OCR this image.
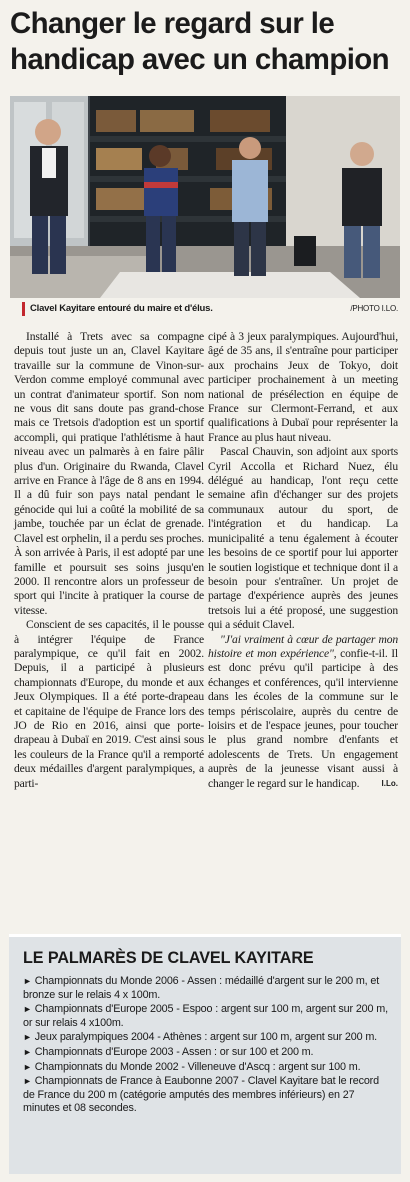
Changer le regard sur le
handicap avec un champion
Clavel Kayitare entouré du maire et d'élus.	/PHOTO I.LO.

Installé à Trets avec sa compagne depuis tout juste un an, Clavel Kayitare travaille sur la commune de Vinon-sur-Verdon comme employé communal avec un contrat d'animateur sportif. Son nom ne vous dit sans doute pas grand-chose mais ce Tretsois d'adoption est un sportif accompli, qui pratique l'athlétisme à haut niveau avec un palmarès à en faire pâlir plus d'un. Originaire du Rwanda, Clavel arrive en France à l'âge de 8 ans en 1994. Il a dû fuir son pays natal pendant le génocide qui lui a coûté la mobilité de sa jambe, touchée par un éclat de grenade. Clavel est orphelin, il a perdu ses proches. À son arrivée à Paris, il est adopté par une famille et poursuit ses soins jusqu'en 2000. Il rencontre alors un professeur de sport qui l'incite à pratiquer la course de vitesse.

Conscient de ses capacités, il le pousse à intégrer l'équipe de France paralympique, ce qu'il fait en 2002. Depuis, il a participé à plusieurs championnats d'Europe, du monde et aux Jeux Olympiques. Il a été porte-drapeau et capitaine de l'équipe de France lors des JO de Rio en 2016, ainsi que porte-drapeau à Dubaï en 2019. C'est ainsi sous les couleurs de la France qu'il a remporté deux médailles d'argent paralympiques, a parti-

cipé à 3 jeux paralympiques. Aujourd'hui, âgé de 35 ans, il s'entraîne pour participer aux prochains Jeux de Tokyo, doit participer prochainement à un meeting national de présélection en équipe de France sur Clermont-Ferrand, et aux qualifications à Dubaï pour représenter la France au plus haut niveau.

Pascal Chauvin, son adjoint aux sports Cyril Accolla et Richard Nuez, élu délégué au handicap, l'ont reçu cette semaine afin d'échanger sur des projets communaux autour du sport, de l'intégration et du handicap. La municipalité a tenu également à écouter les besoins de ce sportif pour lui apporter le soutien logistique et technique dont il a besoin pour s'entraîner. Un projet de partage d'expérience auprès des jeunes tretsois lui a été proposé, une suggestion qui a séduit Clavel.

"J'ai vraiment à cœur de partager mon histoire et mon expérience", confie-t-il. Il est donc prévu qu'il participe à des échanges et conférences, qu'il intervienne dans les écoles de la commune sur le temps périscolaire, auprès du centre de loisirs et de l'espace jeunes, pour toucher le plus grand nombre d'enfants et adolescents de Trets. Un engagement auprès de la jeunesse visant aussi à changer le regard sur le handicap.	I.Lo.

LE PALMARÈS DE CLAVEL KAYITARE
► Championnats du Monde 2006 - Assen : médaillé d'argent sur le 200 m, et bronze sur le relais 4 x 100m.
► Championnats d'Europe 2005 - Espoo : argent sur 100 m, argent sur 200 m, or sur relais 4 x100m.
► Jeux paralympiques 2004 - Athènes : argent sur 100 m, argent sur 200 m.
► Championnats d'Europe 2003 - Assen : or sur 100 et 200 m.
► Championnats du Monde 2002 - Villeneuve d'Ascq : argent sur 100 m.
► Championnats de France à Eaubonne 2007 - Clavel Kayitare bat le record de France du 200 m (catégorie amputés des membres inférieurs) en 27 minutes et 08 secondes.
